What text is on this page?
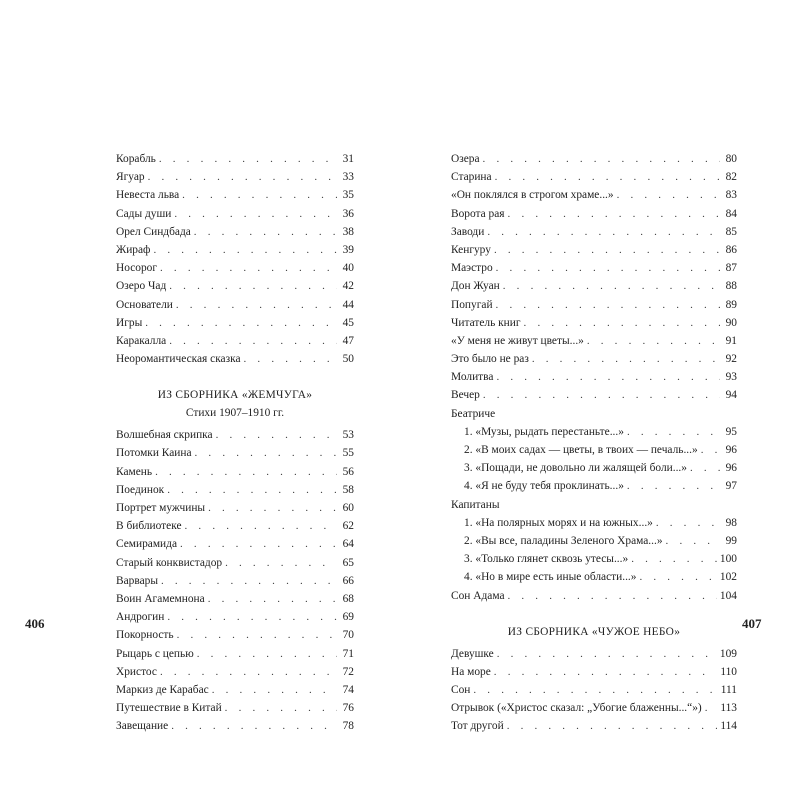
Корабль . . .	31
Ягуар . . .	33
Невеста льва . . .	35
Сады души . . .	36
Орел Синдбада . . .	38
Жираф . . .	39
Носорог . . .	40
Озеро Чад . . .	42
Основатели . . .	44
Игры . . .	45
Каракалла . . .	47
Неоромантическая сказка . . .	50
ИЗ СБОРНИКА «ЖЕМЧУГА»
Стихи 1907–1910 гг.
Волшебная скрипка . . .	53
Потомки Каина . . .	55
Камень . . .	56
Поединок . . .	58
Портрет мужчины . . .	60
В библиотеке . . .	62
Семирамида . . .	64
Старый конквистадор . . .	65
Варвары . . .	66
Воин Агамемнона . . .	68
Андрогин . . .	69
Покорность . . .	70
Рыцарь с цепью . . .	71
Христос . . .	72
Маркиз де Карабас . . .	74
Путешествие в Китай . . .	76
Завещание . . .	78
Озера . . .	80
Старина . . .	82
«Он поклялся в строгом храме...» . . .	83
Ворота рая . . .	84
Заводи . . .	85
Кенгуру . . .	86
Маэстро . . .	87
Дон Жуан . . .	88
Попугай . . .	89
Читатель книг . . .	90
«У меня не живут цветы...» . . .	91
Это было не раз . . .	92
Молитва . . .	93
Вечер . . .	94
Беатриче
1. «Музы, рыдать перестаньте...» . . .	95
2. «В моих садах — цветы, в твоих — печаль...» . . .	96
3. «Пощади, не довольно ли жалящей боли...» . . .	96
4. «Я не буду тебя проклинать...» . . .	97
Капитаны
1. «На полярных морях и на южных...» . . .	98
2. «Вы все, паладины Зеленого Храма...» . . .	99
3. «Только глянет сквозь утесы...» . . .	100
4. «Но в мире есть иные области...» . . .	102
Сон Адама . . .	104
ИЗ СБОРНИКА «ЧУЖОЕ НЕБО»
Девушке . . .	109
На море . . .	110
Сон . . .	111
Отрывок («Христос сказал: „Убогие блаженны...“») . . . 113
Тот другой . . .	114
406	407
